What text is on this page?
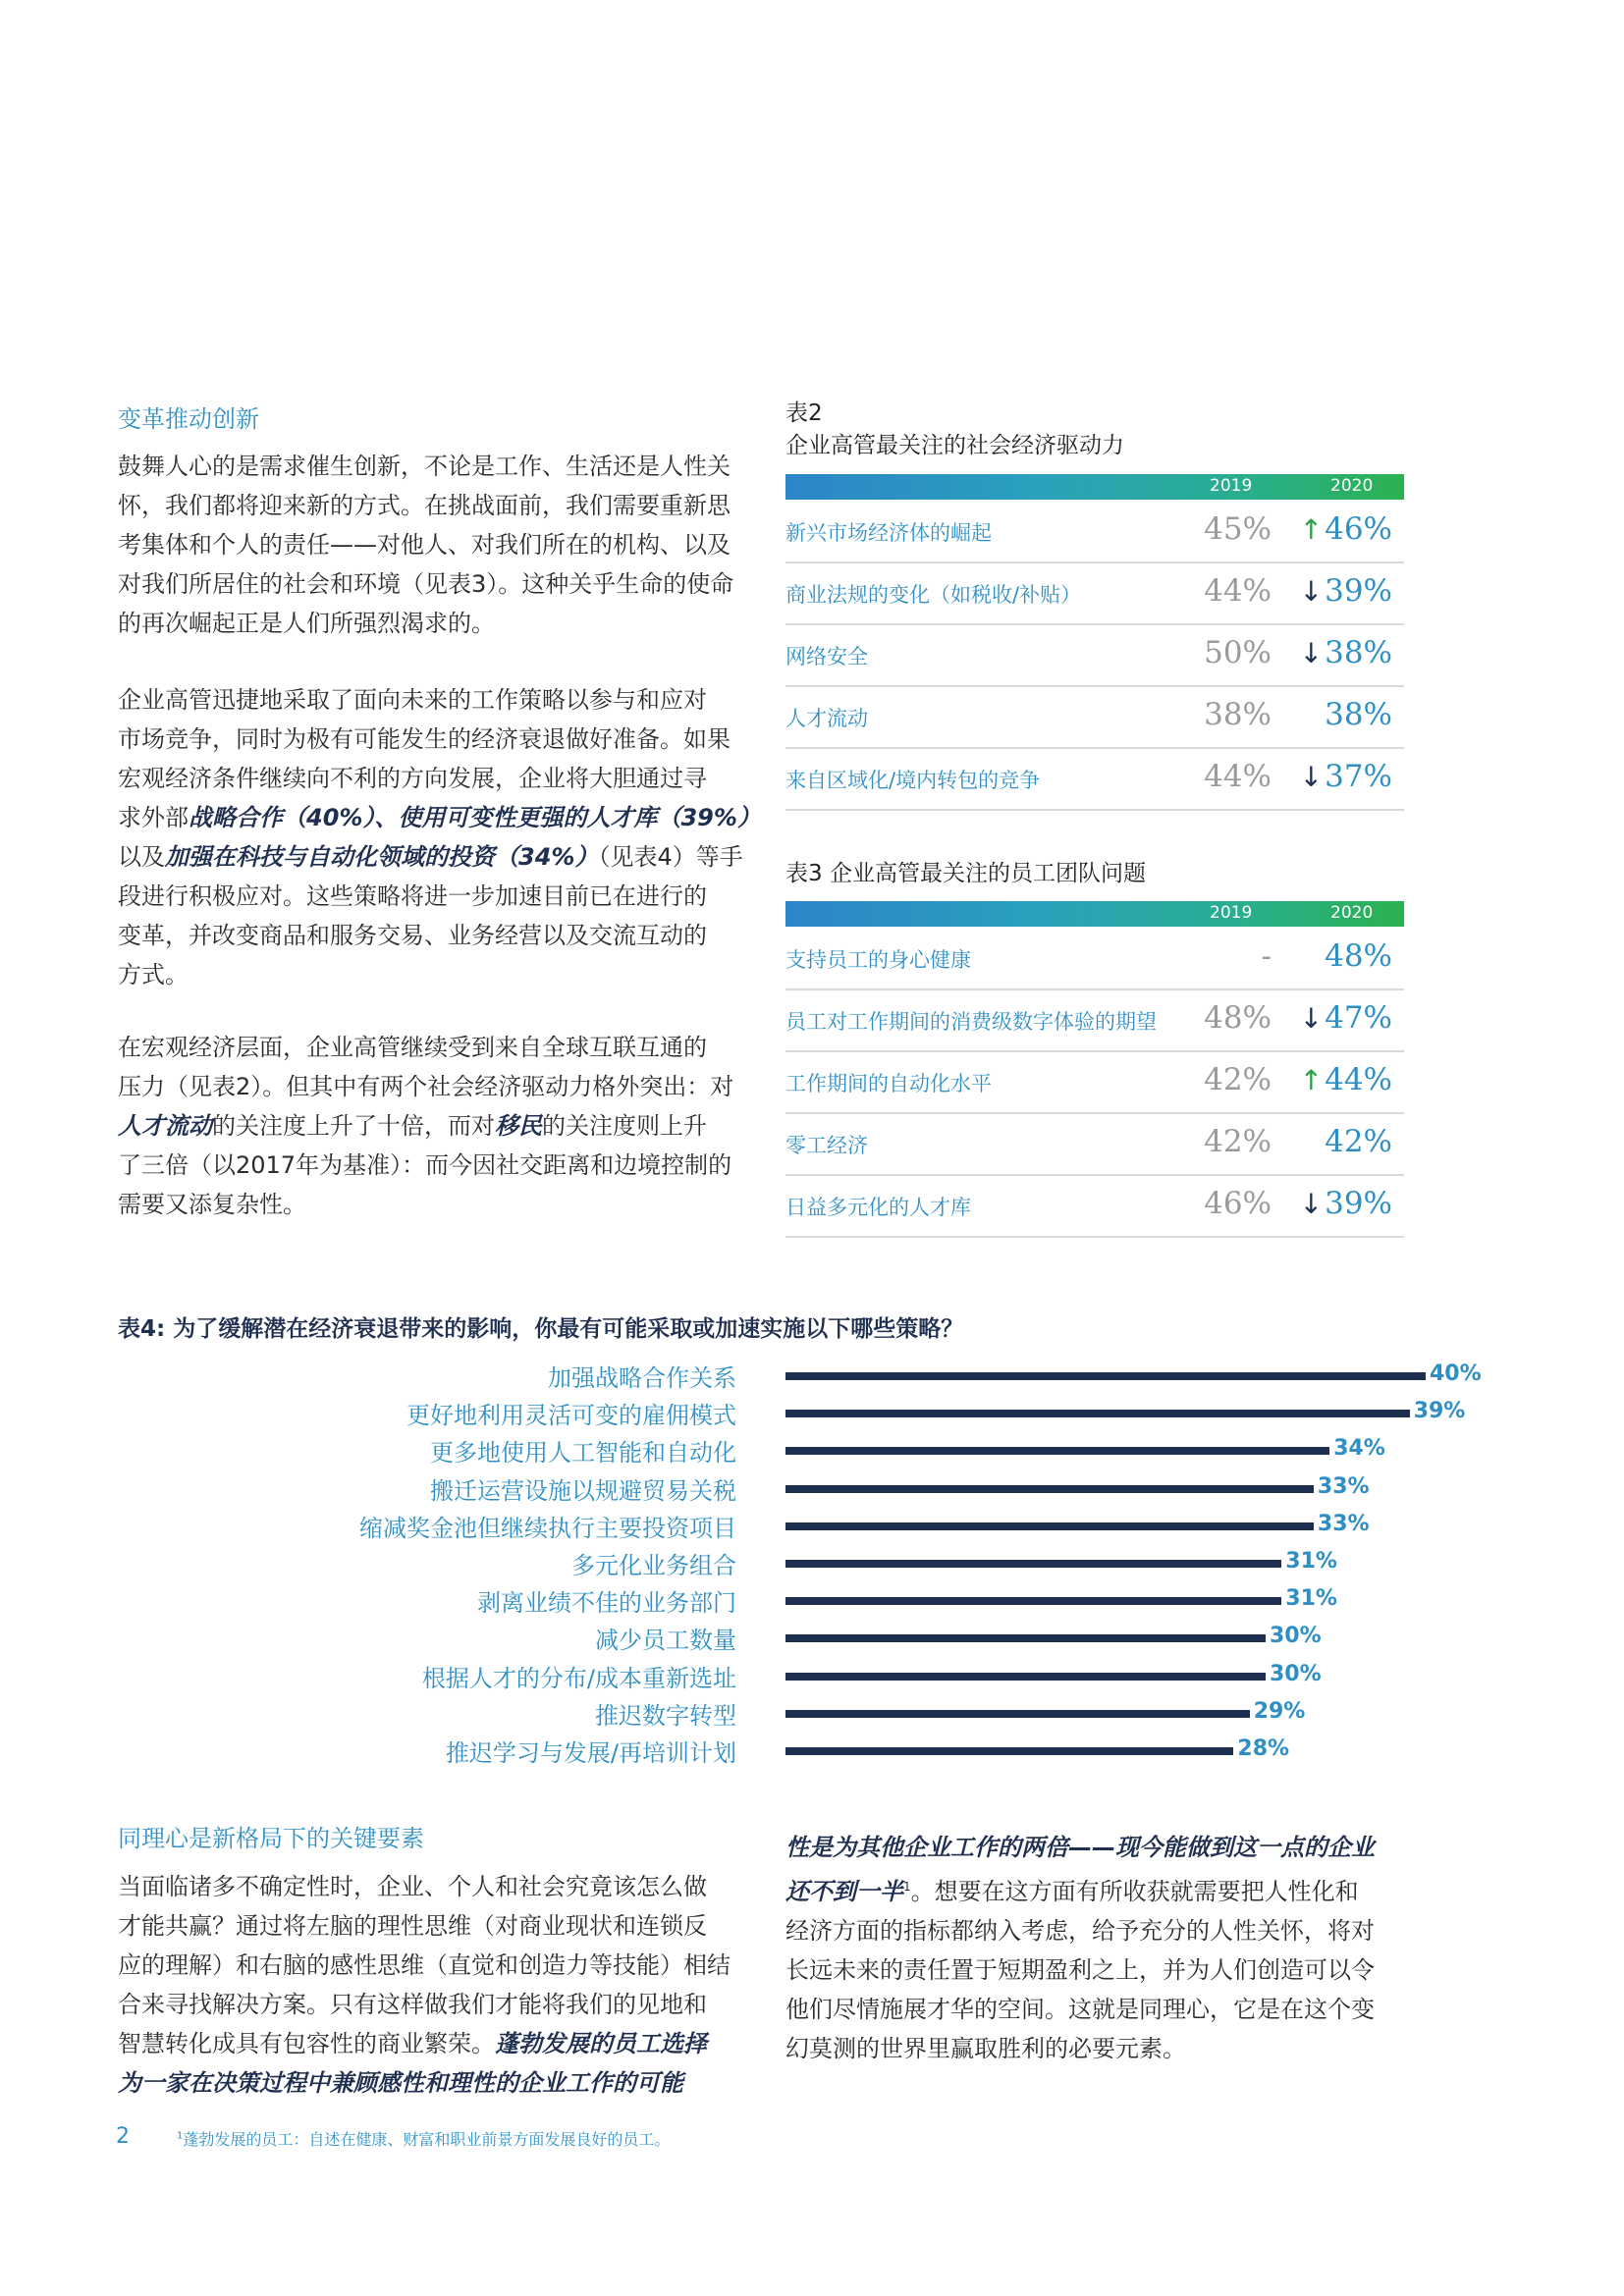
变革推动创新
鼓舞人心的是需求催生创新，不论是工作、生活还是人性关
怀，我们都将迎来新的方式。在挑战面前，我们需要重新思
考集体和个人的责任——对他人、对我们所在的机构、以及
对我们所居住的社会和环境（见表3）。这种关乎生命的使命
的再次崛起正是人们所强烈渴求的。
企业高管迅捷地采取了面向未来的工作策略以参与和应对
市场竞争，同时为极有可能发生的经济衰退做好准备。如果
宏观经济条件继续向不利的方向发展，企业将大胆通过寻
求外部战略合作（40%）、使用可变性更强的人才库（39%）
以及加强在科技与自动化领域的投资（34%）（见表4）等手
段进行积极应对。这些策略将进一步加速目前已在进行的
变革，并改变商品和服务交易、业务经营以及交流互动的
方式。
在宏观经济层面，企业高管继续受到来自全球互联互通的
压力（见表2）。但其中有两个社会经济驱动力格外突出：对
人才流动的关注度上升了十倍，而对移民的关注度则上升
了三倍（以2017年为基准）：而今因社交距离和边境控制的
需要又添复杂性。
表2
企业高管最关注的社会经济驱动力
2019	2020
新兴市场经济体的崛起	45% ↑46%
商业法规的变化（如税收/补贴）	44% ↓39%
网络安全	50% ↓38%
人才流动	38% 38%
来自区域化/境内转包的竞争	44% ↓37%
表3 企业高管最关注的员工团队问题
2019	2020
支持员工的身心健康	- 48%
员工对工作期间的消费级数字体验的期望 48% ↓47%
工作期间的自动化水平	42% ↑44%
零工经济	42% 42%
日益多元化的人才库	46% ↓39%
表4: 为了缓解潜在经济衰退带来的影响，你最有可能采取或加速实施以下哪些策略？
加强战略合作关系	40%
更好地利用灵活可变的雇佣模式	39%
更多地使用人工智能和自动化	34%
搬迁运营设施以规避贸易关税	33%
缩减奖金池但继续执行主要投资项目	33%
多元化业务组合	31%
剥离业绩不佳的业务部门	31%
减少员工数量	30%
根据人才的分布/成本重新选址	30%
推迟数字转型	29%
推迟学习与发展/再培训计划	28%
同理心是新格局下的关键要素
当面临诸多不确定性时，企业、个人和社会究竟该怎么做
才能共赢？通过将左脑的理性思维（对商业现状和连锁反
应的理解）和右脑的感性思维（直觉和创造力等技能）相结
合来寻找解决方案。只有这样做我们才能将我们的见地和
智慧转化成具有包容性的商业繁荣。蓬勃发展的员工选择
为一家在决策过程中兼顾感性和理性的企业工作的可能
性是为其他企业工作的两倍——现今能做到这一点的企业
还不到一半$^1$。想要在这方面有所收获就需要把人性化和
经济方面的指标都纳入考虑，给予充分的人性关怀，将对
长远未来的责任置于短期盈利之上，并为人们创造可以令
他们尽情施展才华的空间。这就是同理心，它是在这个变
幻莫测的世界里赢取胜利的必要元素。
2	$^1$蓬勃发展的员工：自述在健康、财富和职业前景方面发展良好的员工。
